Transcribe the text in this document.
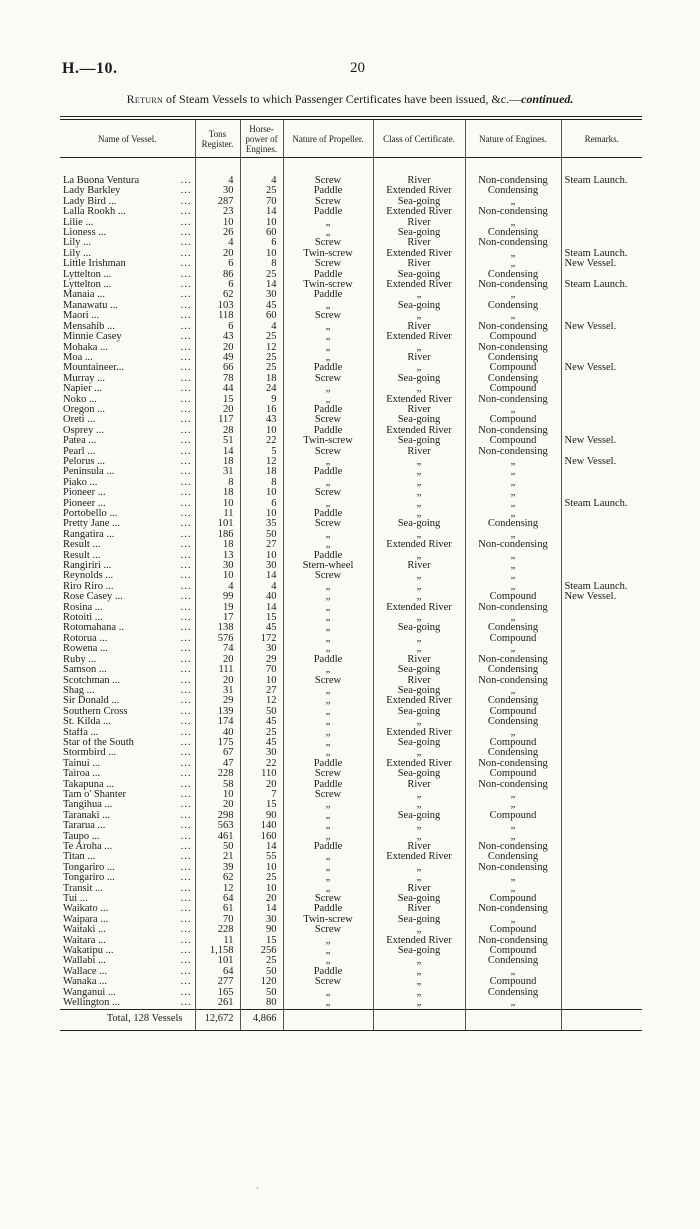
H.—10.	20
Return of Steam Vessels to which Passenger Certificates have been issued, &c.—continued.
Name of Vessel.	Tons Register.	Horse-power of Engines.	Nature of Propeller.	Class of Certificate.	Nature of Engines.	Remarks.

...
La Buona Ventura	4	4	Screw	River	Non-condensing	Steam Launch.

...
Lady Barkley	30	25	Paddle	Extended River	Condensing	

...
Lady Bird ...	287	70	Screw	Sea-going	„	

...
Lalla Rookh ...	23	14	Paddle	Extended River	Non-condensing	

...
Lilie ...	10	10	„	River	„	

...
Lioness ...	26	60	„	Sea-going	Condensing	

...
Lily ...	4	6	Screw	River	Non-condensing	

...
Lily ...	20	10	Twin-screw	Extended River	„	Steam Launch.

...
Little Irishman	6	8	Screw	River	„	New Vessel.

...
Lyttelton ...	86	25	Paddle	Sea-going	Condensing	

...
Lyttelton ...	6	14	Twin-screw	Extended River	Non-condensing	Steam Launch.

...
Manaia ...	62	30	Paddle	„	„	

...
Manawatu ...	103	45	„	Sea-going	Condensing	

...
Maori ...	118	60	Screw	„	„	

...
Mensahib ...	6	4	„	River	Non-condensing	New Vessel.

...
Minnie Casey	43	25	„	Extended River	Compound	

...
Mohaka ...	20	12	„	„	Non-condensing	

...
Moa ...	49	25	„	River	Condensing	

...
Mountaineer...	66	25	Paddle	„	Compound	New Vessel.

...
Murray ...	78	18	Screw	Sea-going	Condensing	

...
Napier ...	44	24	„	„	Compound	

...
Noko ...	15	9	„	Extended River	Non-condensing	

...
Oregon ...	20	16	Paddle	River	„	

...
Oreti ...	117	43	Screw	Sea-going	Compound	

...
Osprey ...	28	10	Paddle	Extended River	Non-condensing	

...
Patea ...	51	22	Twin-screw	Sea-going	Compound	New Vessel.

...
Pearl ...	14	5	Screw	River	Non-condensing	

...
Pelorus ...	18	12	„	„	„	New Vessel.

...
Peninsula ...	31	18	Paddle	„	„	

...
Piako ...	8	8	„	„	„	

...
Pioneer ...	18	10	Screw	„	„	

...
Pioneer ...	10	6	„	„	„	Steam Launch.

...
Portobello ...	11	10	Paddle	„	„	

...
Pretty Jane ...	101	35	Screw	Sea-going	Condensing	

...
Rangatira ...	186	50	„	„	„	

...
Result ...	18	27	„	Extended River	Non-condensing	

...
Result ...	13	10	Paddle	„	„	

...
Rangiriri ...	30	30	Stern-wheel	River	„	

...
Reynolds ...	10	14	Screw	„	„	

...
Riro Riro ...	4	4	„	„	„	Steam Launch.

...
Rose Casey ...	99	40	„	„	Compound	New Vessel.

...
Rosina ...	19	14	„	Extended River	Non-condensing	

...
Rotoiti ...	17	15	„	„	„	

...
Rotomahana ..	138	45	„	Sea-going	Condensing	

...
Rotorua ...	576	172	„	„	Compound	

...
Rowena ...	74	30	„	„	„	

...
Ruby ...	20	29	Paddle	River	Non-condensing	

...
Samson ...	111	70	„	Sea-going	Condensing	

...
Scotchman ...	20	10	Screw	River	Non-condensing	

...
Shag ...	31	27	„	Sea-going	„	

...
Sir Donald ...	29	12	„	Extended River	Condensing	

...
Southern Cross	139	50	„	Sea-going	Compound	

...
St. Kilda ...	174	45	„	„	Condensing	

...
Staffa ...	40	25	„	Extended River	„	

...
Star of the South	175	45	„	Sea-going	Compound	

...
Stormbird ...	67	30	„	„	Condensing	

...
Tainui ...	47	22	Paddle	Extended River	Non-condensing	

...
Tairoa ...	228	110	Screw	Sea-going	Compound	

...
Takapuna ...	58	20	Paddle	River	Non-condensing	

...
Tam o' Shanter	10	7	Screw	„	„	

...
Tangihua ...	20	15	„	„	„	

...
Taranaki ...	298	90	„	Sea-going	Compound	

...
Tararua ...	563	140	„	„	„	

...
Taupo ...	461	160	„	„	„	

...
Te Aroha ...	50	14	Paddle	River	Non-condensing	

...
Titan ...	21	55	„	Extended River	Condensing	

...
Tongariro ...	39	10	„	„	Non-condensing	

...
Tongariro ...	62	25	„	„	„	

...
Transit ...	12	10	„	River	„	

...
Tui ...	64	20	Screw	Sea-going	Compound	

...
Waikato ...	61	14	Paddle	River	Non-condensing	

...
Waipara ...	70	30	Twin-screw	Sea-going	„	

...
Waitaki ...	228	90	Screw	„	Compound	

...
Waitara ...	11	15	„	Extended River	Non-condensing	

...
Wakatipu ...	1,158	256	„	Sea-going	Compound	

...
Wallabi ...	101	25	„	„	Condensing	

...
Wallace ...	64	50	Paddle	„	„	

...
Wanaka ...	277	120	Screw	„	Compound	

...
Wanganui ...	165	50	„	„	Condensing	

...
Wellington ...	261	80	„	„	„	
Total, 128 Vessels	12,672	4,866				
·
